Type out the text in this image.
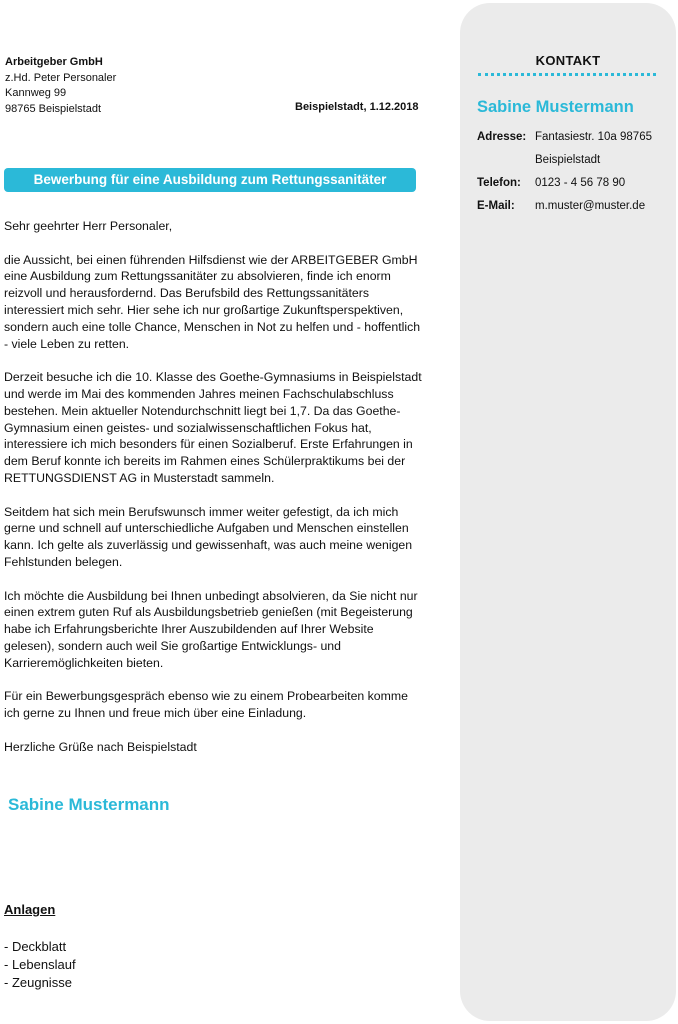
KONTAKT
Sabine Mustermann
Adresse: Fantasiestr. 10a 98765
Beispielstadt
Telefon:	0123 - 4 56 78 90
E-Mail:	m.muster@muster.de
Arbeitgeber GmbH
z.Hd. Peter Personaler
Kannweg 99
98765 Beispielstadt	Beispielstadt, 1.12.2018
Bewerbung für eine Ausbildung zum Rettungssanitäter

Sehr geehrter Herr Personaler,

die Aussicht, bei einen führenden Hilfsdienst wie der ARBEITGEBER GmbH eine Ausbildung zum Rettungssanitäter zu absolvieren, finde ich enorm reizvoll und herausfordernd. Das Berufsbild des Rettungssanitäters interessiert mich sehr. Hier sehe ich nur großartige Zukunftsperspektiven, sondern auch eine tolle Chance, Menschen in Not zu helfen und - hoffentlich - viele Leben zu retten.

Derzeit besuche ich die 10. Klasse des Goethe-Gymnasiums in Beispielstadt und werde im Mai des kommenden Jahres meinen Fachschulabschluss bestehen. Mein aktueller Notendurchschnitt liegt bei 1,7. Da das Goethe-Gymnasium einen geistes- und sozialwissenschaftlichen Fokus hat, interessiere ich mich besonders für einen Sozialberuf. Erste Erfahrungen in dem Beruf konnte ich bereits im Rahmen eines Schülerpraktikums bei der RETTUNGSDIENST AG in Musterstadt sammeln.

Seitdem hat sich mein Berufswunsch immer weiter gefestigt, da ich mich gerne und schnell auf unterschiedliche Aufgaben und Menschen einstellen kann. Ich gelte als zuverlässig und gewissenhaft, was auch meine wenigen Fehlstunden belegen.

Ich möchte die Ausbildung bei Ihnen unbedingt absolvieren, da Sie nicht nur einen extrem guten Ruf als Ausbildungsbetrieb genießen (mit Begeisterung habe ich Erfahrungsberichte Ihrer Auszubildenden auf Ihrer Website gelesen), sondern auch weil Sie großartige Entwicklungs- und Karrieremöglichkeiten bieten.

Für ein Bewerbungsgespräch ebenso wie zu einem Probearbeiten komme ich gerne zu Ihnen und freue mich über eine Einladung.

Herzliche Grüße nach Beispielstadt

Sabine Mustermann
Anlagen
- Deckblatt
- Lebenslauf
- Zeugnisse
